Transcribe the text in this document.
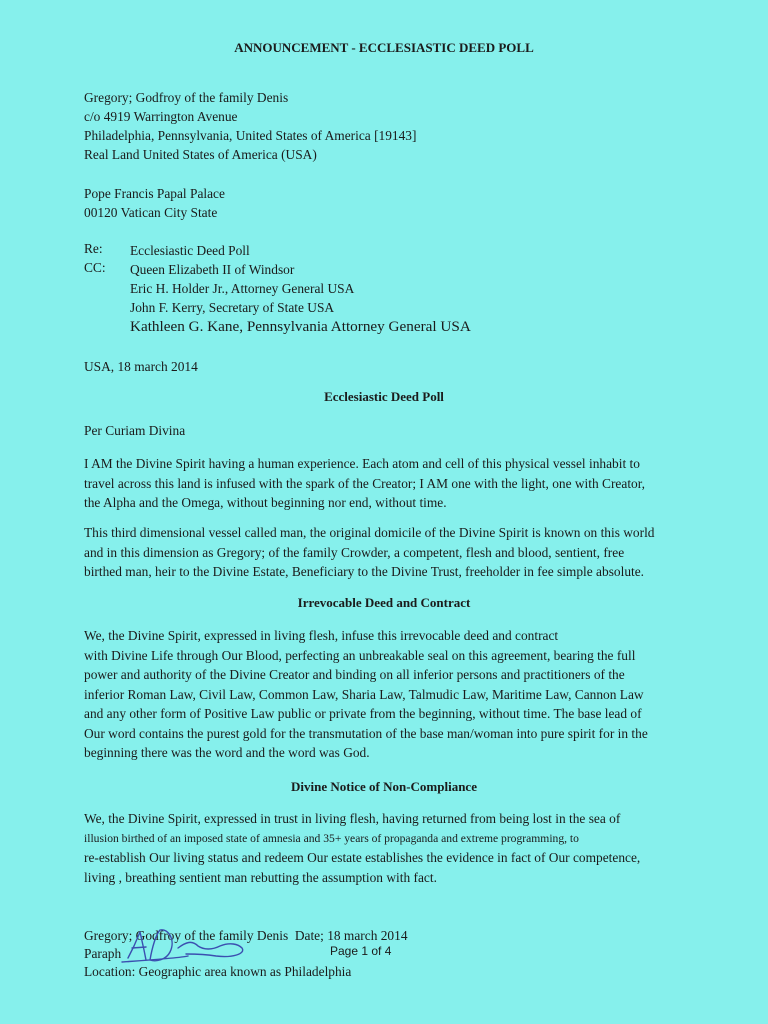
ANNOUNCEMENT - ECCLESIASTIC DEED POLL
Gregory; Godfroy of the family Denis
c/o 4919 Warrington Avenue
Philadelphia, Pennsylvania, United States of America [19143]
Real Land United States of America (USA)
Pope Francis Papal Palace
00120 Vatican City State
Re: Ecclesiastic Deed Poll
CC: Queen Elizabeth II of Windsor
Eric H. Holder Jr., Attorney General USA
John F. Kerry, Secretary of State USA
Kathleen G. Kane, Pennsylvania Attorney General USA
USA, 18 march 2014
Ecclesiastic Deed Poll
Per Curiam Divina
I AM the Divine Spirit having a human experience. Each atom and cell of this physical vessel inhabit to
travel across this land is infused with the spark of the Creator; I AM one with the light, one with Creator,
the Alpha and the Omega, without beginning nor end, without time.
This third dimensional vessel called man, the original domicile of the Divine Spirit is known on this world
and in this dimension as Gregory; of the family Crowder, a competent, flesh and blood, sentient, free
birthed man, heir to the Divine Estate, Beneficiary to the Divine Trust, freeholder in fee simple absolute.
Irrevocable Deed and Contract
We, the Divine Spirit, expressed in living flesh, infuse this irrevocable deed and contract
with Divine Life through Our Blood, perfecting an unbreakable seal on this agreement, bearing the full
power and authority of the Divine Creator and binding on all inferior persons and practitioners of the
inferior Roman Law, Civil Law, Common Law, Sharia Law, Talmudic Law, Maritime Law, Cannon Law
and any other form of Positive Law public or private from the beginning, without time. The base lead of
Our word contains the purest gold for the transmutation of the base man/woman into pure spirit for in the
beginning there was the word and the word was God.
Divine Notice of Non-Compliance
We, the Divine Spirit, expressed in trust in living flesh, having returned from being lost in the sea of
illusion birthed of an imposed state of amnesia and 35+ years of propaganda and extreme programming, to
re-establish Our living status and redeem Our estate establishes the evidence in fact of Our competence,
living , breathing sentient man rebutting the assumption with fact.
Gregory; Godfroy of the family Denis  Date; 18 march 2014
Paraph	Page 1 of 4
Location: Geographic area known as Philadelphia
